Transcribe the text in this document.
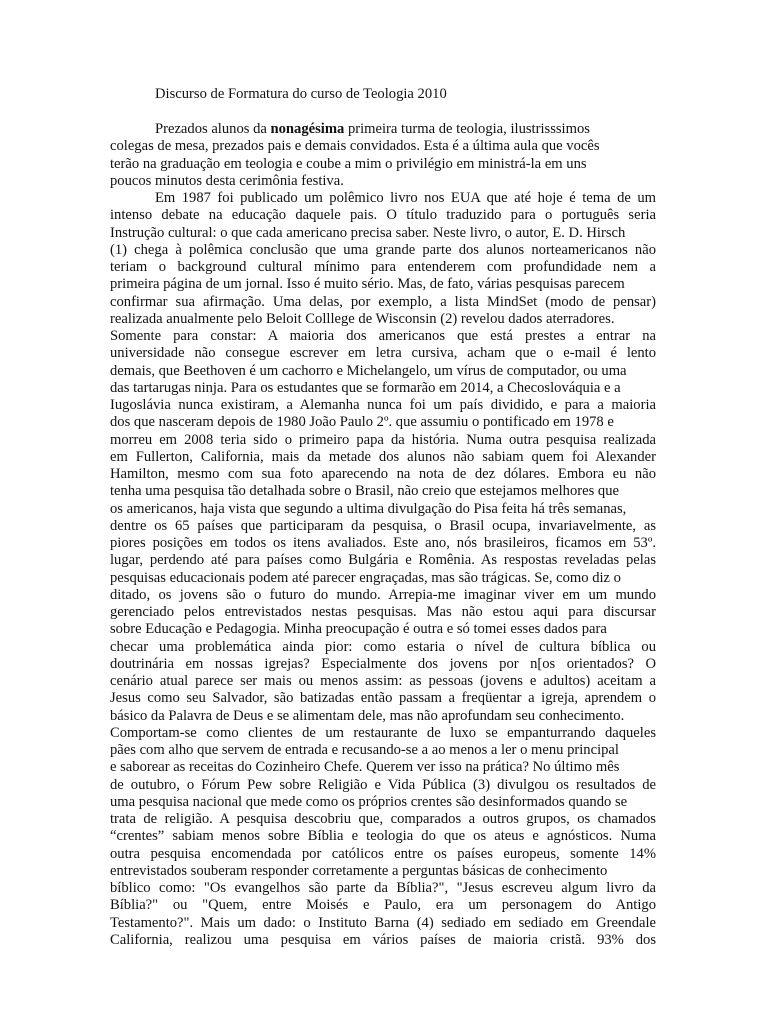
Discurso de Formatura do curso de Teologia 2010

Prezados alunos da nonagésima primeira turma de teologia, ilustrisssimos
colegas de mesa, prezados pais e demais convidados. Esta é a última aula que vocês
terão na graduação em teologia e coube a mim o privilégio em ministrá-la em uns
poucos minutos desta cerimônia festiva.

Em 1987 foi publicado um polêmico livro nos EUA que até hoje é tema de um
intenso debate na educação daquele pais. O título traduzido para o português seria
Instrução cultural: o que cada americano precisa saber. Neste livro, o autor, E. D. Hirsch
(1) chega à polêmica conclusão que uma grande parte dos alunos norteamericanos não
teriam o background cultural mínimo para entenderem com profundidade nem a
primeira página de um jornal. Isso é muito sério. Mas, de fato, várias pesquisas parecem
confirmar sua afirmação. Uma delas, por exemplo, a lista MindSet (modo de pensar)
realizada anualmente pelo Beloit Colllege de Wisconsin (2) revelou dados aterradores.
Somente para constar: A maioria dos americanos que está prestes a entrar na
universidade não consegue escrever em letra cursiva, acham que o e-mail é lento
demais, que Beethoven é um cachorro e Michelangelo, um vírus de computador, ou uma
das tartarugas ninja. Para os estudantes que se formarão em 2014, a Checoslováquia e a
Iugoslávia nunca existiram, a Alemanha nunca foi um país dividido, e para a maioria
dos que nasceram depois de 1980 João Paulo 2º. que assumiu o pontificado em 1978 e
morreu em 2008 teria sido o primeiro papa da história. Numa outra pesquisa realizada
em Fullerton, California, mais da metade dos alunos não sabiam quem foi Alexander
Hamilton, mesmo com sua foto aparecendo na nota de dez dólares. Embora eu não
tenha uma pesquisa tão detalhada sobre o Brasil, não creio que estejamos melhores que
os americanos, haja vista que segundo a ultima divulgação do Pisa feita há três semanas,
dentre os 65 países que participaram da pesquisa, o Brasil ocupa, invariavelmente, as
piores posições em todos os itens avaliados. Este ano, nós brasileiros, ficamos em 53º.
lugar, perdendo até para países como Bulgária e Romênia. As respostas reveladas pelas
pesquisas educacionais podem até parecer engraçadas, mas são trágicas. Se, como diz o
ditado, os jovens são o futuro do mundo. Arrepia-me imaginar viver em um mundo
gerenciado pelos entrevistados nestas pesquisas. Mas não estou aqui para discursar
sobre Educação e Pedagogia. Minha preocupação é outra e só tomei esses dados para
checar uma problemática ainda pior: como estaria o nível de cultura bíblica ou
doutrinária em nossas igrejas? Especialmente dos jovens por n[os orientados? O
cenário atual parece ser mais ou menos assim: as pessoas (jovens e adultos) aceitam a
Jesus como seu Salvador, são batizadas então passam a freqüentar a igreja, aprendem o
básico da Palavra de Deus e se alimentam dele, mas não aprofundam seu conhecimento.
Comportam-se como clientes de um restaurante de luxo se empanturrando daqueles
pães com alho que servem de entrada e recusando-se a ao menos a ler o menu principal
e saborear as receitas do Cozinheiro Chefe. Querem ver isso na prática? No último mês
de outubro, o Fórum Pew sobre Religião e Vida Pública (3) divulgou os resultados de
uma pesquisa nacional que mede como os próprios crentes são desinformados quando se
trata de religião. A pesquisa descobriu que, comparados a outros grupos, os chamados
“crentes” sabiam menos sobre Bíblia e teologia do que os ateus e agnósticos. Numa
outra pesquisa encomendada por católicos entre os países europeus, somente 14%
entrevistados souberam responder corretamente a perguntas básicas de conhecimento
bíblico como: "Os evangelhos são parte da Bíblia?", "Jesus escreveu algum livro da
Bíblia?" ou "Quem, entre Moisés e Paulo, era um personagem do Antigo
Testamento?". Mais um dado: o Instituto Barna (4) sediado em sediado em Greendale
California, realizou uma pesquisa em vários países de maioria cristã. 93% dos
